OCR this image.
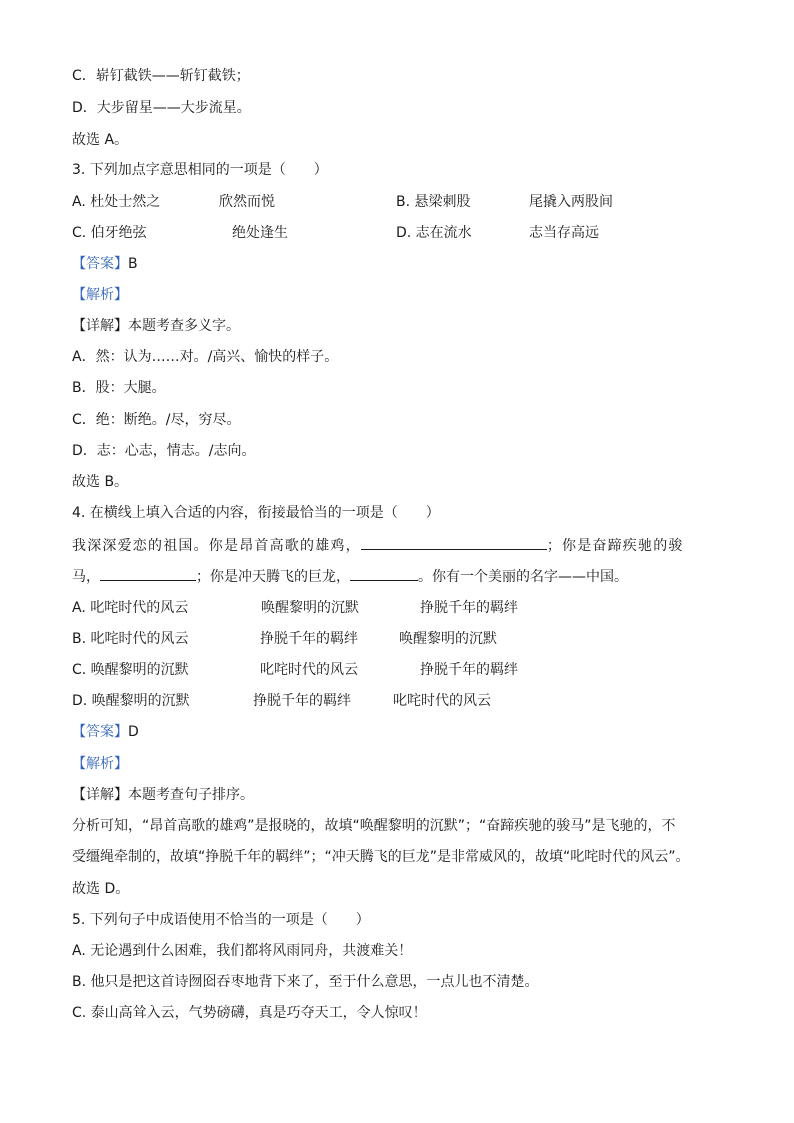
C．崭钉截铁——斩钉截铁；
D．大步留星——大步流星。
故选 A。
3. 下列加点字意思相同的一项是（　　）
A. 杜处士然之	欣然而悦	B. 悬梁刺股	尾撬入两股间
C. 伯牙绝弦	绝处逢生	D. 志在流水	志当存高远
【答案】B
【解析】
【详解】本题考查多义字。
A．然：认为……对。/高兴、愉快的样子。
B．股：大腿。
C．绝：断绝。/尽，穷尽。
D．志：心志，情志。/志向。
故选 B。
4. 在横线上填入合适的内容，衔接最恰当的一项是（　　）
我深深爱恋的祖国。你是昂首高歌的雄鸡，	；你是奋蹄疾驰的骏
马，	；你是冲天腾飞的巨龙，	。你有一个美丽的名字——中国。
A. 叱咤时代的风云	唤醒黎明的沉默	挣脱千年的羁绊
B. 叱咤时代的风云	挣脱千年的羁绊	唤醒黎明的沉默
C. 唤醒黎明的沉默	叱咤时代的风云	挣脱千年的羁绊
D. 唤醒黎明的沉默	挣脱千年的羁绊	叱咤时代的风云
【答案】D
【解析】
【详解】本题考查句子排序。
分析可知，“昂首高歌的雄鸡”是报晓的，故填“唤醒黎明的沉默”；“奋蹄疾驰的骏马”是飞驰的，不
受缰绳牵制的，故填“挣脱千年的羁绊”；“冲天腾飞的巨龙”是非常威风的，故填“叱咤时代的风云”。
故选 D。
5. 下列句子中成语使用不恰当的一项是（　　）
A. 无论遇到什么困难，我们都将风雨同舟，共渡难关！
B. 他只是把这首诗囫囵吞枣地背下来了，至于什么意思，一点儿也不清楚。
C. 泰山高耸入云，气势磅礴，真是巧夺天工，令人惊叹！
